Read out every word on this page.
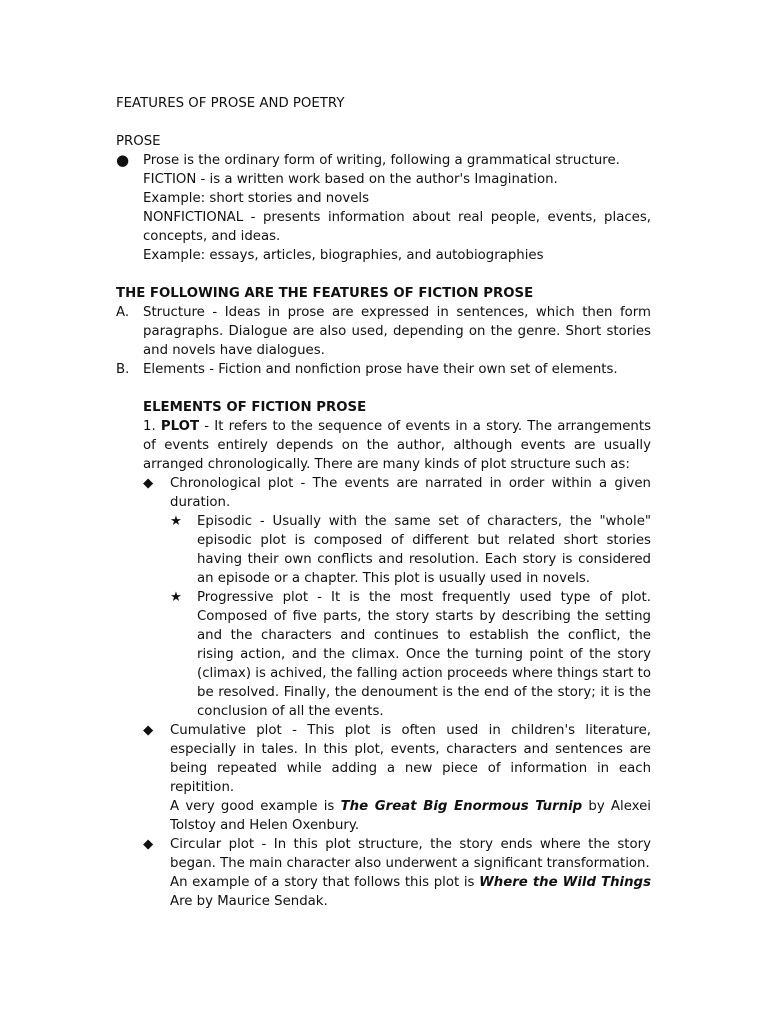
FEATURES OF PROSE AND POETRY
PROSE
● Prose is the ordinary form of writing, following a grammatical structure.
FICTION - is a written work based on the author's Imagination.
Example: short stories and novels
NONFICTIONAL - presents information about real people, events, places, concepts, and ideas.
Example: essays, articles, biographies, and autobiographies
THE FOLLOWING ARE THE FEATURES OF FICTION PROSE
A. Structure - Ideas in prose are expressed in sentences, which then form paragraphs. Dialogue are also used, depending on the genre. Short stories and novels have dialogues.
B. Elements - Fiction and nonfiction prose have their own set of elements.
ELEMENTS OF FICTION PROSE
1. PLOT - It refers to the sequence of events in a story. The arrangements of events entirely depends on the author, although events are usually arranged chronologically. There are many kinds of plot structure such as:
◆ Chronological plot - The events are narrated in order within a given duration.
★ Episodic - Usually with the same set of characters, the "whole" episodic plot is composed of different but related short stories having their own conflicts and resolution. Each story is considered an episode or a chapter. This plot is usually used in novels.
★ Progressive plot - It is the most frequently used type of plot. Composed of five parts, the story starts by describing the setting and the characters and continues to establish the conflict, the rising action, and the climax. Once the turning point of the story (climax) is achived, the falling action proceeds where things start to be resolved. Finally, the denoument is the end of the story; it is the conclusion of all the events.
◆ Cumulative plot - This plot is often used in children's literature, especially in tales. In this plot, events, characters and sentences are being repeated while adding a new piece of information in each repitition.
A very good example is The Great Big Enormous Turnip by Alexei Tolstoy and Helen Oxenbury.
◆ Circular plot - In this plot structure, the story ends where the story began. The main character also underwent a significant transformation.
An example of a story that follows this plot is Where the Wild Things Are by Maurice Sendak.
